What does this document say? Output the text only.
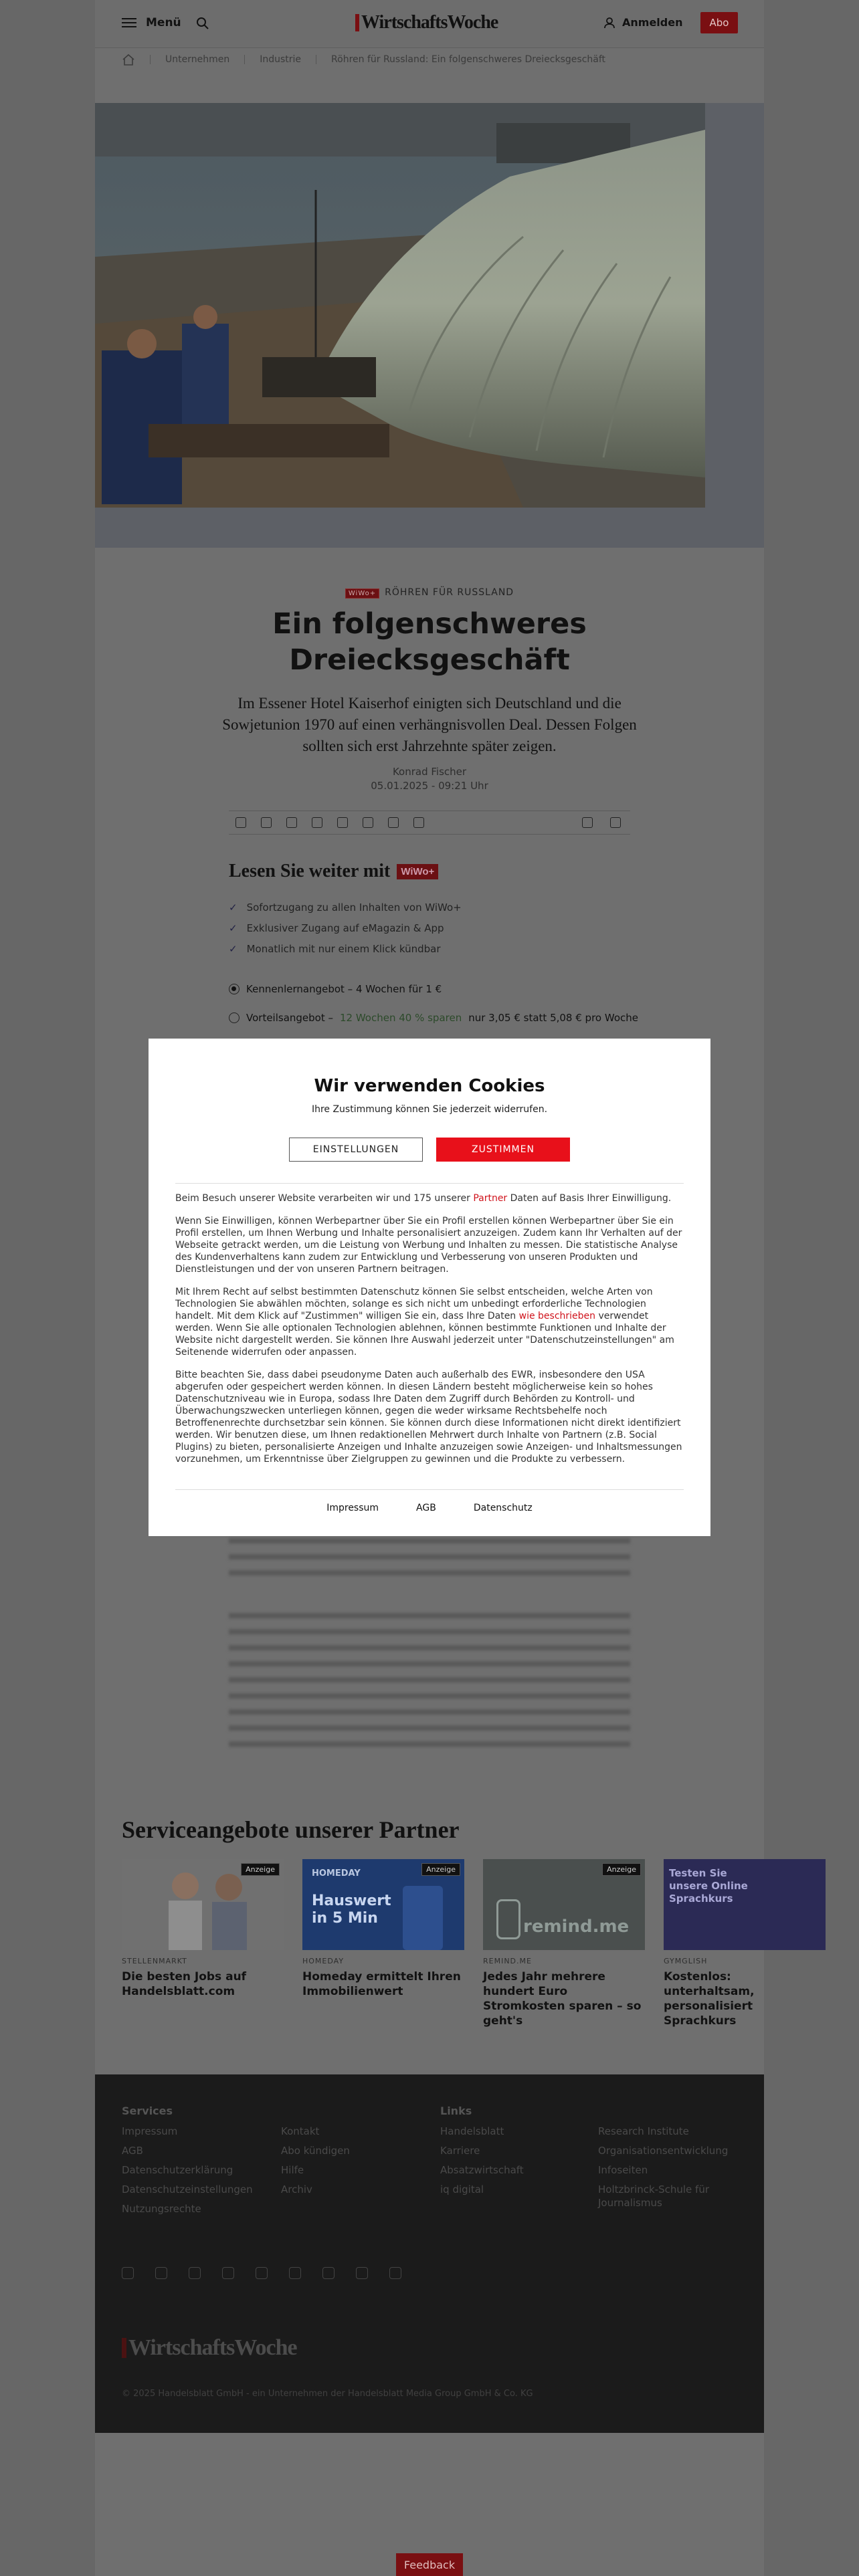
Menü	WirtschaftsWoche	Anmelden	Abo
Unternehmen	Industrie	Röhren für Russland: Ein folgenschweres Dreiecksgeschäft
WiWo+ RÖHREN FÜR RUSSLAND
Ein folgenschweres Dreiecksgeschäft
Im Essener Hotel Kaiserhof einigten sich Deutschland und die Sowjetunion 1970 auf einen verhängnisvollen Deal. Dessen Folgen sollten sich erst Jahrzehnte später zeigen.
Konrad Fischer
05.01.2025 - 09:21 Uhr
Lesen Sie weiter mit	WiWo+
✓ Sofortzugang zu allen Inhalten von WiWo+
✓ Exklusiver Zugang auf eMagazin & App
✓ Monatlich mit nur einem Klick kündbar
Kennenlernangebot – 4 Wochen für 1 €
Vorteilsangebot – 12 Wochen 40 % sparen nur 3,05 € statt 5,08 € pro Woche
Serviceangebote unserer Partner
Anzeige
STELLENMARKT
Die besten Jobs auf Handelsblatt.com
HOMEDAY
Hauswert in 5 Min
Anzeige
HOMEDAY
Homeday ermittelt Ihren Immobilienwert
remind.me
Anzeige
REMIND.ME
Jedes Jahr mehrere hundert Euro Stromkosten sparen – so geht's
Testen Sie unsere Online Sprachkurs
GYMGLISH
Kostenlos: unterhaltsam, personalisiert Sprachkurs
Services
Impressum
AGB
Datenschutzerklärung
Datenschutzeinstellungen
Nutzungsrechte
Kontakt
Abo kündigen
Hilfe
Archiv
Links
Handelsblatt
Karriere
Absatzwirtschaft
iq digital
Research Institute
Organisationsentwicklung
Infoseiten
Holtzbrinck-Schule für Journalismus
WirtschaftsWoche
© 2025 Handelsblatt GmbH - ein Unternehmen der Handelsblatt Media Group GmbH & Co. KG
Feedback
Wir verwenden Cookies
Ihre Zustimmung können Sie jederzeit widerrufen.
EINSTELLUNGEN	ZUSTIMMEN

Beim Besuch unserer Website verarbeiten wir und 175 unserer Partner Daten auf Basis Ihrer Einwilligung.

Wenn Sie Einwilligen, können Werbepartner über Sie ein Profil erstellen können Werbepartner über Sie ein Profil erstellen, um Ihnen Werbung und Inhalte personalisiert anzuzeigen. Zudem kann Ihr Verhalten auf der Webseite getrackt werden, um die Leistung von Werbung und Inhalten zu messen. Die statistische Analyse des Kundenverhaltens kann zudem zur Entwicklung und Verbesserung von unseren Produkten und Dienstleistungen und der von unseren Partnern beitragen.

Mit Ihrem Recht auf selbst bestimmten Datenschutz können Sie selbst entscheiden, welche Arten von Technologien Sie abwählen möchten, solange es sich nicht um unbedingt erforderliche Technologien handelt. Mit dem Klick auf "Zustimmen" willigen Sie ein, dass Ihre Daten wie beschrieben verwendet werden. Wenn Sie alle optionalen Technologien ablehnen, können bestimmte Funktionen und Inhalte der Website nicht dargestellt werden. Sie können Ihre Auswahl jederzeit unter "Datenschutzeinstellungen" am Seitenende widerrufen oder anpassen.

Bitte beachten Sie, dass dabei pseudonyme Daten auch außerhalb des EWR, insbesondere den USA abgerufen oder gespeichert werden können. In diesen Ländern besteht möglicherweise kein so hohes Datenschutzniveau wie in Europa, sodass Ihre Daten dem Zugriff durch Behörden zu Kontroll- und Überwachungszwecken unterliegen können, gegen die weder wirksame Rechtsbehelfe noch Betroffenenrechte durchsetzbar sein können. Sie können durch diese Informationen nicht direkt identifiziert werden. Wir benutzen diese, um Ihnen redaktionellen Mehrwert durch Inhalte von Partnern (z.B. Social Plugins) zu bieten, personalisierte Anzeigen und Inhalte anzuzeigen sowie Anzeigen- und Inhaltsmessungen vorzunehmen, um Erkenntnisse über Zielgruppen zu gewinnen und die Produkte zu verbessern.

Impressum	AGB	Datenschutz
